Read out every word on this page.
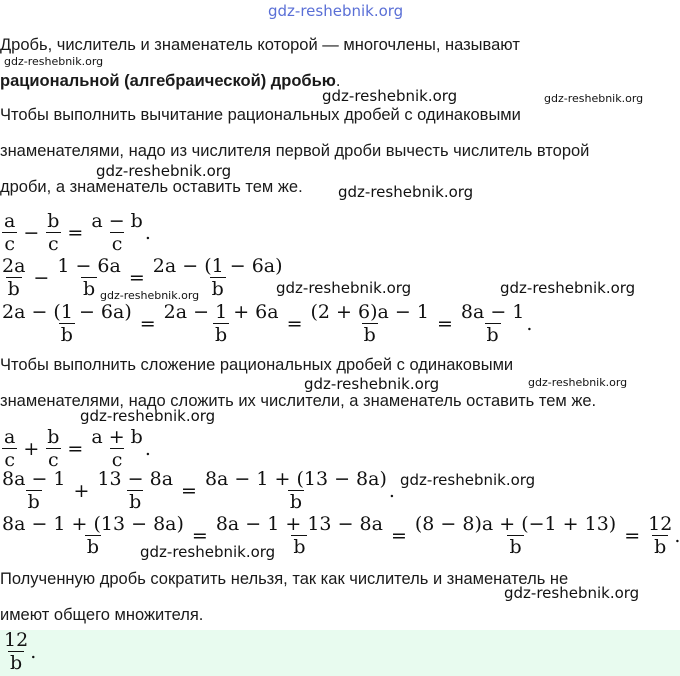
gdz-reshebnik.org
Дробь, числитель и знаменатель которой — многочлены, называют
gdz-reshebnik.org
рациональной (алгебраической) дробью.
gdz-reshebnik.org	gdz-reshebnik.org
Чтобы выполнить вычитание рациональных дробей с одинаковыми
знаменателями, надо из числителя первой дроби вычесть числитель второй
gdz-reshebnik.org
дроби, а знаменатель оставить тем же. gdz-reshebnik.org
$\frac{a}{c} - \frac{b}{c} = \frac{a - b}{c}$ .
$\frac{2a}{b} - \frac{1 - 6a}{b} = \frac{2a - (1 - 6a)}{b}$
gdz-reshebnik.org	gdz-reshebnik.org	gdz-reshebnik.org
$\frac{2a - (1 - 6a)}{b} = \frac{2a - 1 + 6a}{b} = \frac{(2 + 6)a - 1}{b} = \frac{8a - 1}{b}$ .
Чтобы выполнить сложение рациональных дробей с одинаковыми
gdz-reshebnik.org	gdz-reshebnik.org
знаменателями, надо сложить их числители, а знаменатель оставить тем же.
gdz-reshebnik.org
$\frac{a}{c} + \frac{b}{c} = \frac{a + b}{c}$ .
$\frac{8a - 1}{b} + \frac{13 - 8a}{b} = \frac{8a - 1 + (13 - 8a)}{b}$ . gdz-reshebnik.org
$\frac{8a - 1 + (13 - 8a)}{b} = \frac{8a - 1 + 13 - 8a}{b} = \frac{(8 - 8)a + (-1 + 13)}{b} = \frac{12}{b}$ .
gdz-reshebnik.org
Полученную дробь сократить нельзя, так как числитель и знаменатель не
gdz-reshebnik.org
имеют общего множителя.
$\frac{12}{b}$ .
